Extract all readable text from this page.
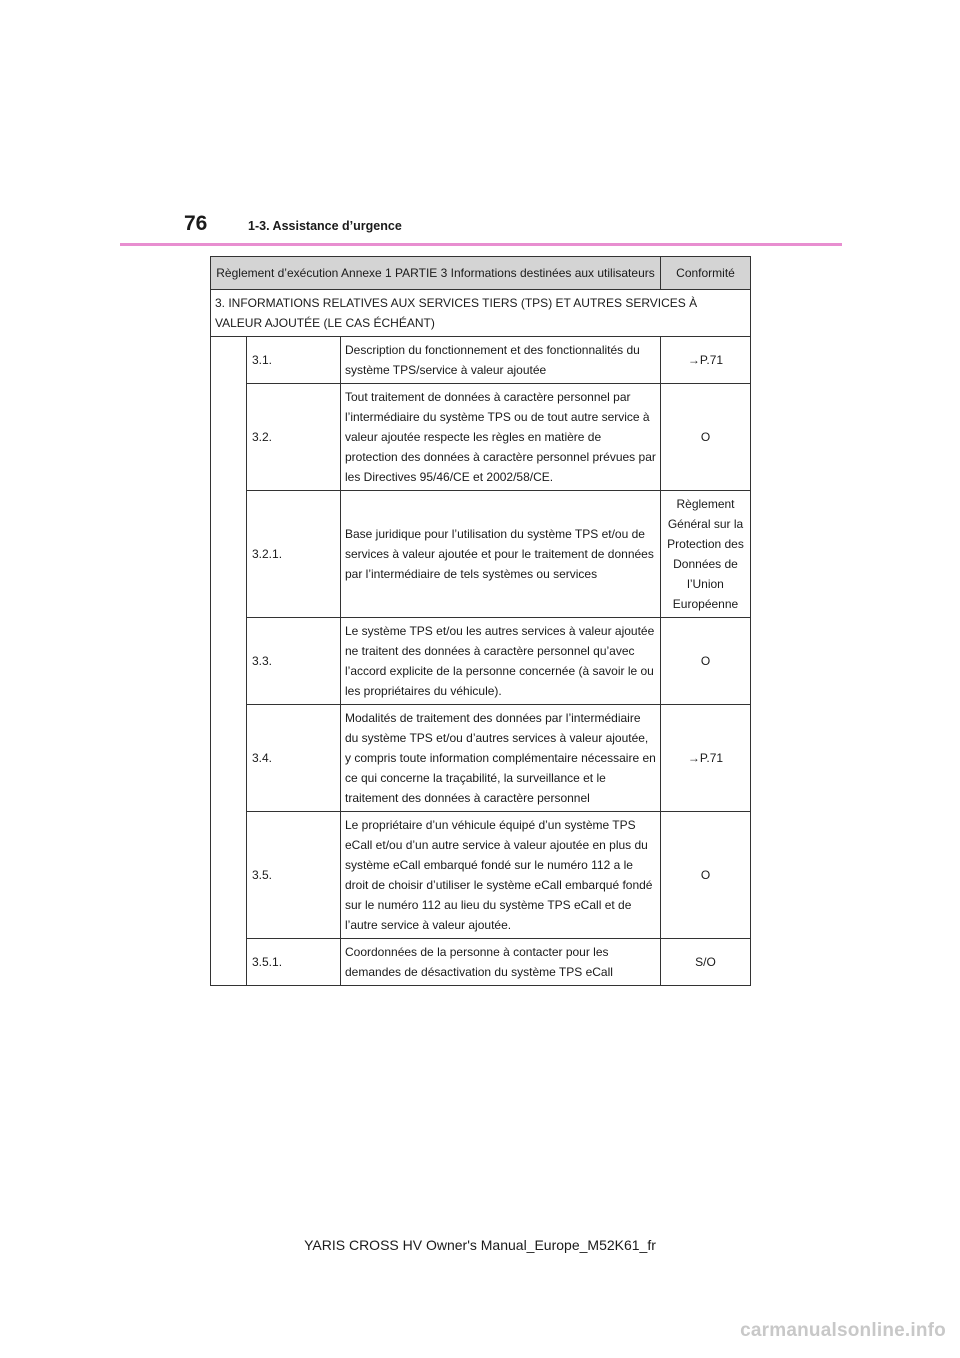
76	1-3. Assistance d’urgence
Règlement d’exécution Annexe 1 PARTIE 3 Informations destinées aux utilisateurs			Conformité
3. INFORMATIONS RELATIVES AUX SERVICES TIERS (TPS) ET AUTRES SERVICES À VALEUR AJOUTÉE (LE CAS ÉCHÉANT)			
	3.1.	Description du fonctionnement et des fonctionnalités du système TPS/service à valeur ajoutée	→P.71
	3.2.	Tout traitement de données à caractère personnel par l’intermédiaire du système TPS ou de tout autre service à valeur ajoutée respecte les règles en matière de protection des données à caractère personnel prévues par les Directives 95/46/CE et 2002/58/CE.	O
	3.2.1.	Base juridique pour l’utilisation du système TPS et/ou de services à valeur ajoutée et pour le traitement de données par l’intermédiaire de tels systèmes ou services	Règlement Général sur la Protection des Données de l’Union Européenne
	3.3.	Le système TPS et/ou les autres services à valeur ajoutée ne traitent des données à caractère personnel qu’avec l’accord explicite de la personne concernée (à savoir le ou les propriétaires du véhicule).	O
	3.4.	Modalités de traitement des données par l’intermédiaire du système TPS et/ou d’autres services à valeur ajoutée, y compris toute information complémentaire nécessaire en ce qui concerne la traçabilité, la surveillance et le traitement des données à caractère personnel	→P.71
	3.5.	Le propriétaire d’un véhicule équipé d’un système TPS eCall et/ou d’un autre service à valeur ajoutée en plus du système eCall embarqué fondé sur le numéro 112 a le droit de choisir d’utiliser le système eCall embarqué fondé sur le numéro 112 au lieu du système TPS eCall et de l’autre service à valeur ajoutée.	O
	3.5.1.	Coordonnées de la personne à contacter pour les demandes de désactivation du système TPS eCall	S/O
YARIS CROSS HV Owner's Manual_Europe_M52K61_fr
carmanualsonline.info
